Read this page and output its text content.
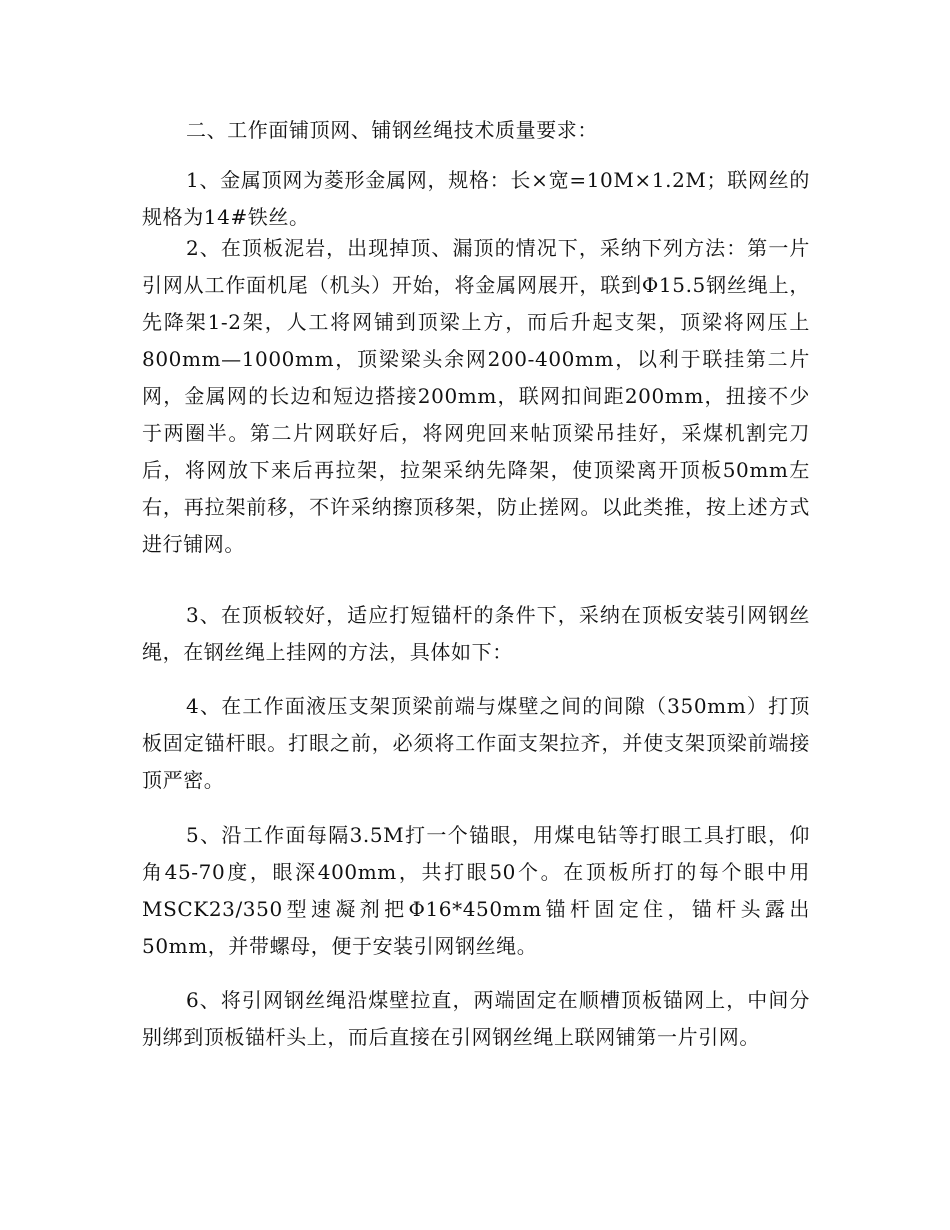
二、工作面铺顶网、铺钢丝绳技术质量要求：

1、金属顶网为菱形金属网，规格：长×宽=10M×1.2M；联网丝的规格为14#铁丝。

2、在顶板泥岩，出现掉顶、漏顶的情况下，采纳下列方法：第一片引网从工作面机尾（机头）开始，将金属网展开，联到Φ15.5钢丝绳上，先降架1-2架，人工将网铺到顶梁上方，而后升起支架，顶梁将网压上800mm—1000mm，顶梁梁头余网200-400mm，以利于联挂第二片网，金属网的长边和短边搭接200mm，联网扣间距200mm，扭接不少于两圈半。第二片网联好后，将网兜回来帖顶梁吊挂好，采煤机割完刀后，将网放下来后再拉架，拉架采纳先降架，使顶梁离开顶板50mm左右，再拉架前移，不许采纳擦顶移架，防止搓网。以此类推，按上述方式进行铺网。

3、在顶板较好，适应打短锚杆的条件下，采纳在顶板安装引网钢丝绳，在钢丝绳上挂网的方法，具体如下：

4、在工作面液压支架顶梁前端与煤壁之间的间隙（350mm）打顶板固定锚杆眼。打眼之前，必须将工作面支架拉齐，并使支架顶梁前端接顶严密。

5、沿工作面每隔3.5M打一个锚眼，用煤电钻等打眼工具打眼，仰角45-70度，眼深400mm，共打眼50个。在顶板所打的每个眼中用MSCK23/350型速凝剂把Φ16*450mm锚杆固定住，锚杆头露出50mm，并带螺母，便于安装引网钢丝绳。

6、将引网钢丝绳沿煤壁拉直，两端固定在顺槽顶板锚网上，中间分别绑到顶板锚杆头上，而后直接在引网钢丝绳上联网铺第一片引网。
